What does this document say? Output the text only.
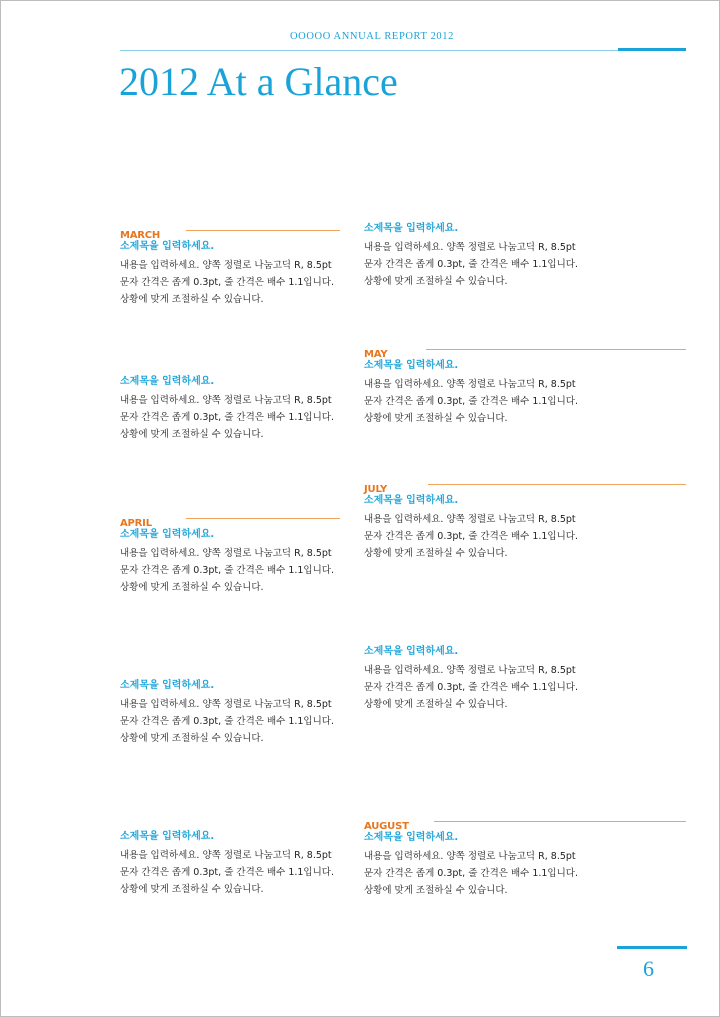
OOOOO ANNUAL REPORT 2012
2012 At a Glance
MARCH

소제목을 입력하세요.

내용을 입력하세요. 양쪽 정렬로 나눔고딕 R, 8.5pt 문자 간격은 좁게 0.3pt, 줄 간격은 배수 1.1입니다. 상황에 맞게 조절하실 수 있습니다.

소제목을 입력하세요.

내용을 입력하세요. 양쪽 정렬로 나눔고딕 R, 8.5pt 문자 간격은 좁게 0.3pt, 줄 간격은 배수 1.1입니다. 상황에 맞게 조절하실 수 있습니다.

APRIL

소제목을 입력하세요.

내용을 입력하세요. 양쪽 정렬로 나눔고딕 R, 8.5pt 문자 간격은 좁게 0.3pt, 줄 간격은 배수 1.1입니다. 상황에 맞게 조절하실 수 있습니다.

소제목을 입력하세요.

내용을 입력하세요. 양쪽 정렬로 나눔고딕 R, 8.5pt 문자 간격은 좁게 0.3pt, 줄 간격은 배수 1.1입니다. 상황에 맞게 조절하실 수 있습니다.

소제목을 입력하세요.

내용을 입력하세요. 양쪽 정렬로 나눔고딕 R, 8.5pt 문자 간격은 좁게 0.3pt, 줄 간격은 배수 1.1입니다. 상황에 맞게 조절하실 수 있습니다.

소제목을 입력하세요.

내용을 입력하세요. 양쪽 정렬로 나눔고딕 R, 8.5pt 문자 간격은 좁게 0.3pt, 줄 간격은 배수 1.1입니다. 상황에 맞게 조절하실 수 있습니다.

MAY

소제목을 입력하세요.

내용을 입력하세요. 양쪽 정렬로 나눔고딕 R, 8.5pt 문자 간격은 좁게 0.3pt, 줄 간격은 배수 1.1입니다. 상황에 맞게 조절하실 수 있습니다.

JULY

소제목을 입력하세요.

내용을 입력하세요. 양쪽 정렬로 나눔고딕 R, 8.5pt 문자 간격은 좁게 0.3pt, 줄 간격은 배수 1.1입니다. 상황에 맞게 조절하실 수 있습니다.

소제목을 입력하세요.

내용을 입력하세요. 양쪽 정렬로 나눔고딕 R, 8.5pt 문자 간격은 좁게 0.3pt, 줄 간격은 배수 1.1입니다. 상황에 맞게 조절하실 수 있습니다.

AUGUST

소제목을 입력하세요.

내용을 입력하세요. 양쪽 정렬로 나눔고딕 R, 8.5pt 문자 간격은 좁게 0.3pt, 줄 간격은 배수 1.1입니다. 상황에 맞게 조절하실 수 있습니다.

6
